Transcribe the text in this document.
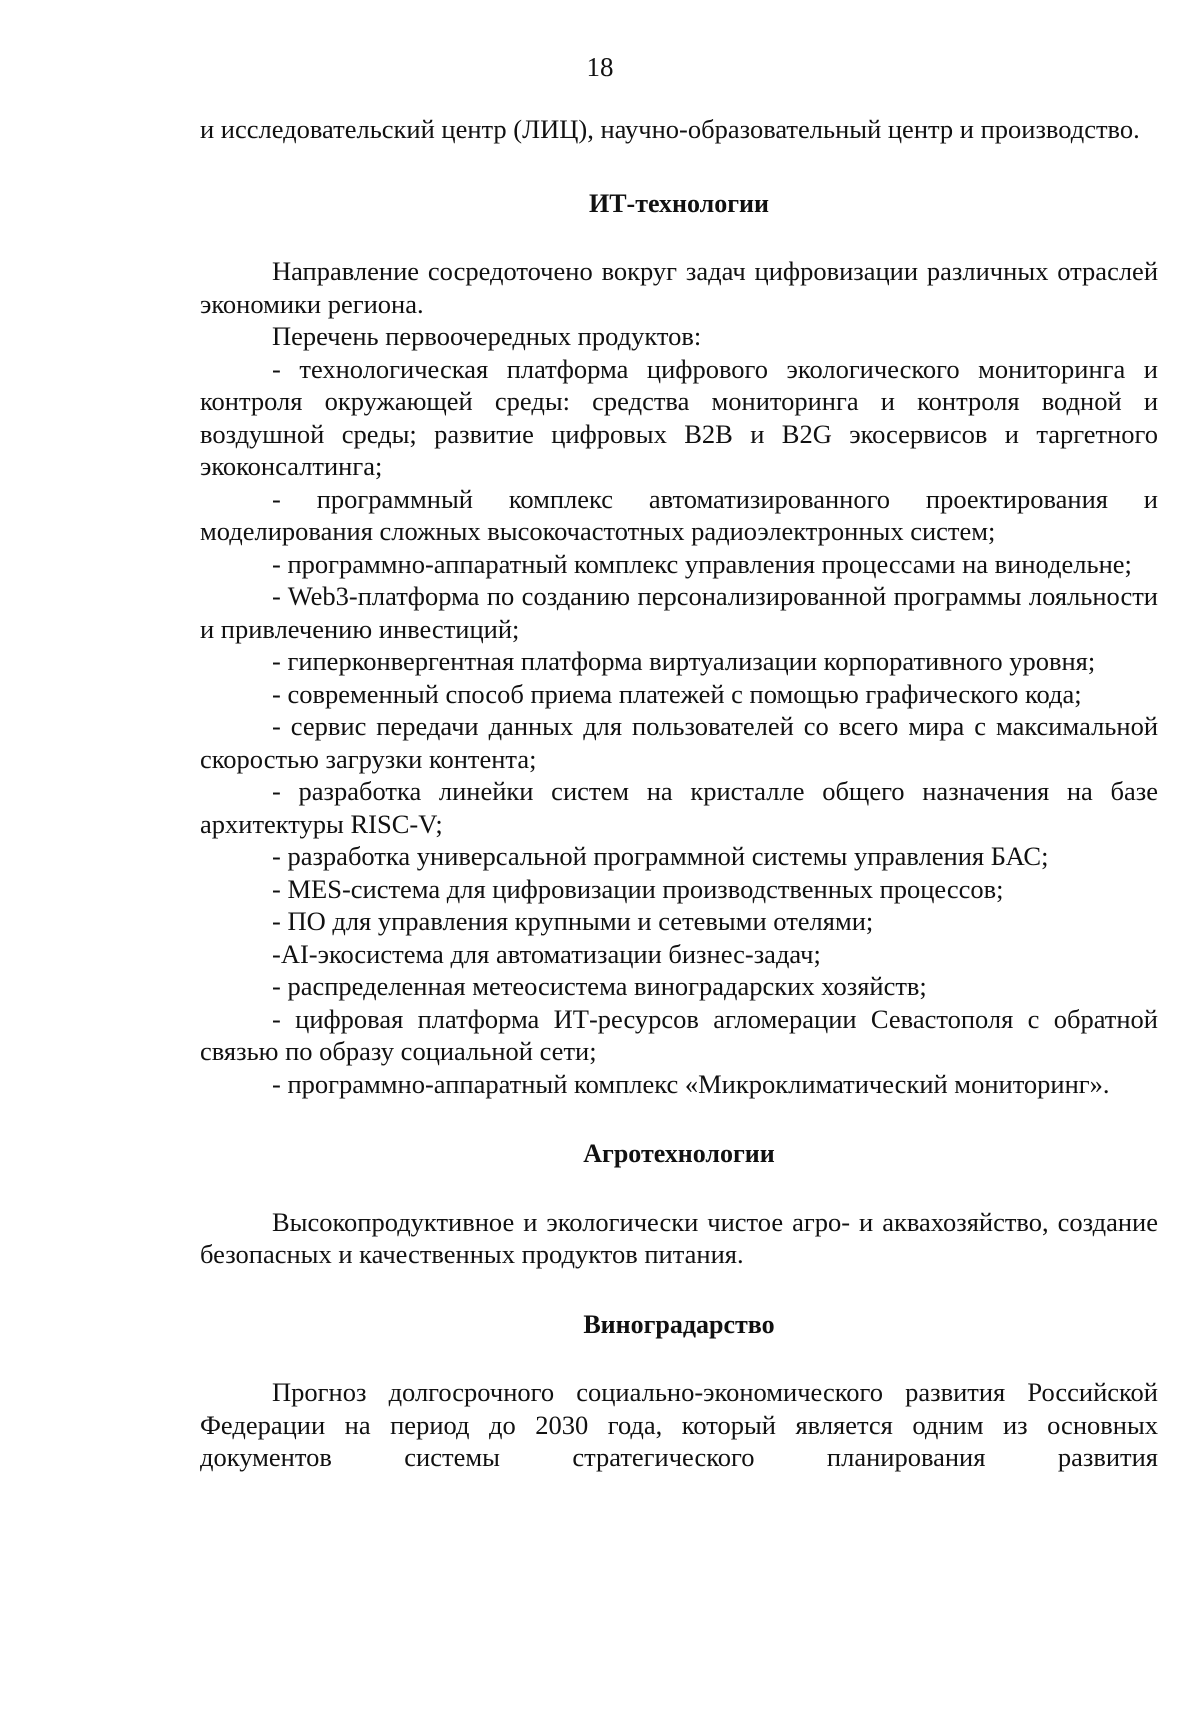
18

и исследовательский центр (ЛИЦ), научно-образовательный центр и производство.

ИТ-технологии

Направление сосредоточено вокруг задач цифровизации различных отраслей экономики региона.

Перечень первоочередных продуктов:

- технологическая платформа цифрового экологического мониторинга и контроля окружающей среды: средства мониторинга и контроля водной и воздушной среды; развитие цифровых B2B и B2G экосервисов и таргетного экоконсалтинга;

- программный комплекс автоматизированного проектирования и моделирования сложных высокочастотных радиоэлектронных систем;

- программно-аппаратный комплекс управления процессами на винодельне;

- Web3-платформа по созданию персонализированной программы лояльности и привлечению инвестиций;

- гиперконвергентная платформа виртуализации корпоративного уровня;

- современный способ приема платежей с помощью графического кода;

- сервис передачи данных для пользователей со всего мира с максимальной скоростью загрузки контента;

- разработка линейки систем на кристалле общего назначения на базе архитектуры RISC-V;

- разработка универсальной программной системы управления БАС;

- MES-система для цифровизации производственных процессов;

- ПО для управления крупными и сетевыми отелями;

-AI-экосистема для автоматизации бизнес-задач;

- распределенная метеосистема виноградарских хозяйств;

- цифровая платформа ИТ-ресурсов агломерации Севастополя с обратной связью по образу социальной сети;

- программно-аппаратный комплекс «Микроклиматический мониторинг».

Агротехнологии

Высокопродуктивное и экологически чистое агро- и аквахозяйство, создание безопасных и качественных продуктов питания.

Виноградарство

Прогноз долгосрочного социально-экономического развития Российской Федерации на период до 2030 года, который является одним из основных документов системы стратегического планирования развития
